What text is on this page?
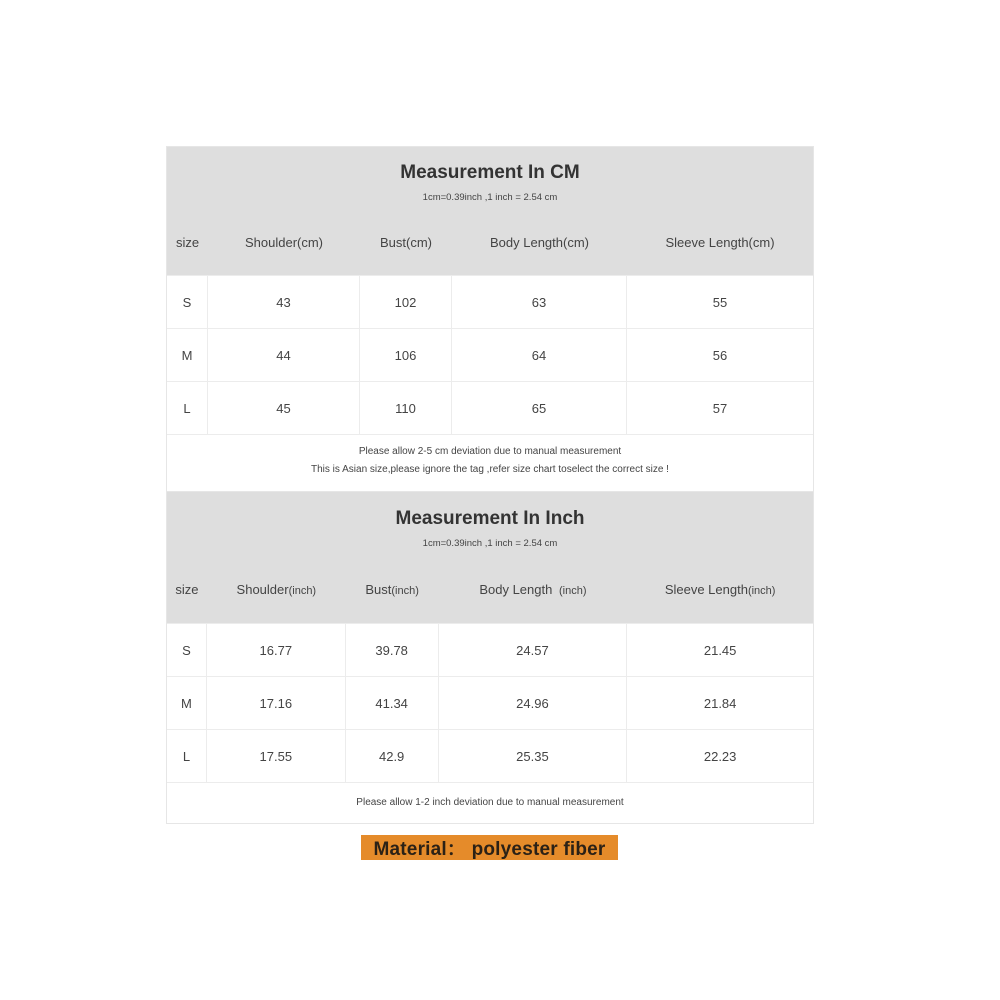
Measurement In CM
1cm=0.39inch ,1 inch = 2.54 cm
size	Shoulder(cm)	Bust(cm)	Body Length(cm)	Sleeve Length(cm)
S	43	102	63	55
M	44	106	64	56
L	45	110	65	57
Please allow 2-5 cm deviation due to manual measurement
This is Asian size,please ignore the tag ,refer size chart toselect the correct size !
Measurement In Inch
1cm=0.39inch ,1 inch = 2.54 cm
size	Shoulder(inch)	Bust(inch)	Body Length  (inch)	Sleeve Length(inch)
S	16.77	39.78	24.57	21.45
M	17.16	41.34	24.96	21.84
L	17.55	42.9	25.35	22.23
Please allow 1-2 inch deviation due to manual measurement
Material： polyester fiber
